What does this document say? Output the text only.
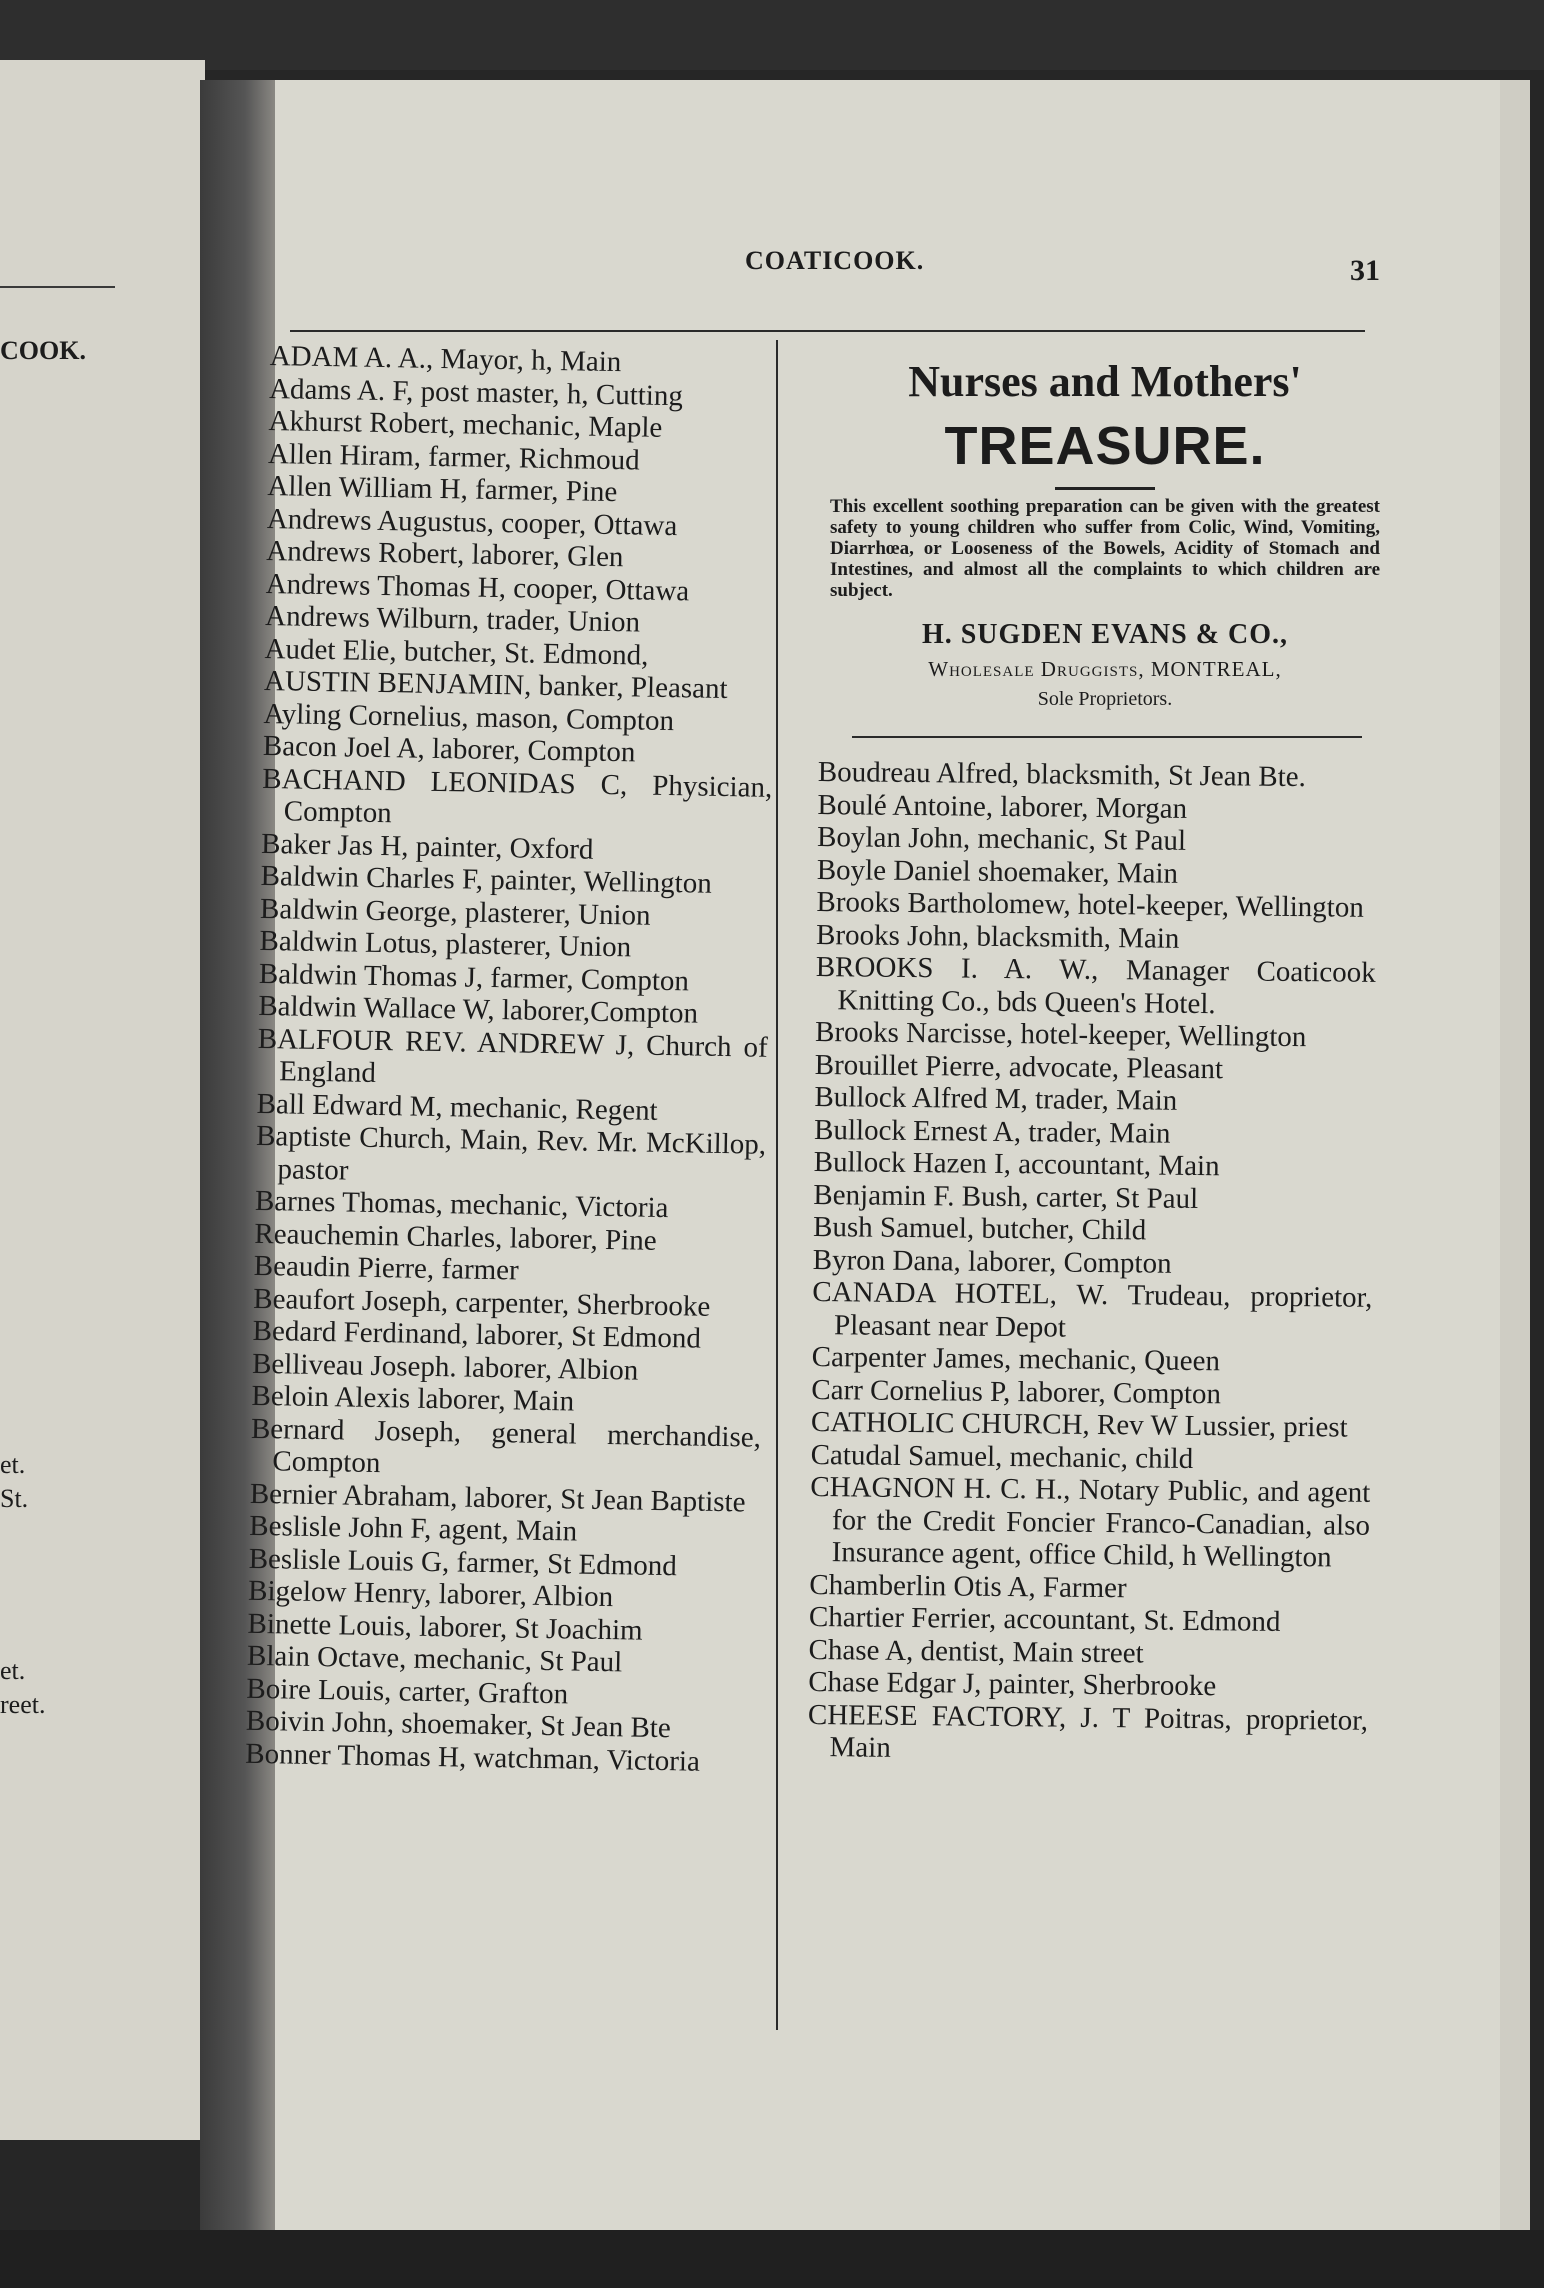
COOK.
et.
St.
et.
reet.
COATICOOK.	31
ADAM A. A., Mayor, h, Main
Adams A. F, post master, h, Cutting
Akhurst Robert, mechanic, Maple
Allen Hiram, farmer, Richmoud
Allen William H, farmer, Pine
Andrews Augustus, cooper, Ottawa
Andrews Robert, laborer, Glen
Andrews Thomas H, cooper, Ottawa
Andrews Wilburn, trader, Union
Audet Elie, butcher, St. Edmond,
AUSTIN BENJAMIN, banker, Pleasant
Ayling Cornelius, mason, Compton
Bacon Joel A, laborer, Compton
BACHAND LEONIDAS C, Physician, Compton
Baker Jas H, painter, Oxford
Baldwin Charles F, painter, Wellington
Baldwin George, plasterer, Union
Baldwin Lotus, plasterer, Union
Baldwin Thomas J, farmer, Compton
Baldwin Wallace W, laborer,Compton
BALFOUR REV. ANDREW J, Church of England
Ball Edward M, mechanic, Regent
Baptiste Church, Main, Rev. Mr. McKillop, pastor
Barnes Thomas, mechanic, Victoria
Reauchemin Charles, laborer, Pine
Beaudin Pierre, farmer
Beaufort Joseph, carpenter, Sherbrooke
Bedard Ferdinand, laborer, St Edmond
Belliveau Joseph. laborer, Albion
Beloin Alexis laborer, Main
Bernard Joseph, general merchandise, Compton
Bernier Abraham, laborer, St Jean Baptiste
Beslisle John F, agent, Main
Beslisle Louis G, farmer, St Edmond
Bigelow Henry, laborer, Albion
Binette Louis, laborer, St Joachim
Blain Octave, mechanic, St Paul
Boire Louis, carter, Grafton
Boivin John, shoemaker, St Jean Bte
Bonner Thomas H, watchman, Victoria
Nurses and Mothers'
TREASURE.
This excellent soothing preparation can be given with the greatest safety to young children who suffer from Colic, Wind, Vomiting, Diarrhœa, or Looseness of the Bowels, Acidity of Stomach and Intestines, and almost all the complaints to which children are subject.
H. SUGDEN EVANS & CO.,
Wholesale Druggists, MONTREAL,
Sole Proprietors.
Boudreau Alfred, blacksmith, St Jean Bte.
Boulé Antoine, laborer, Morgan
Boylan John, mechanic, St Paul
Boyle Daniel shoemaker, Main
Brooks Bartholomew, hotel-keeper, Wellington
Brooks John, blacksmith, Main
BROOKS I. A. W., Manager Coaticook Knitting Co., bds Queen's Hotel.
Brooks Narcisse, hotel-keeper, Wellington
Brouillet Pierre, advocate, Pleasant
Bullock Alfred M, trader, Main
Bullock Ernest A, trader, Main
Bullock Hazen I, accountant, Main
Benjamin F. Bush, carter, St Paul
Bush Samuel, butcher, Child
Byron Dana, laborer, Compton
CANADA HOTEL, W. Trudeau, proprietor, Pleasant near Depot
Carpenter James, mechanic, Queen
Carr Cornelius P, laborer, Compton
CATHOLIC CHURCH, Rev W Lussier, priest
Catudal Samuel, mechanic, child
CHAGNON H. C. H., Notary Public, and agent for the Credit Foncier Franco-Canadian, also Insurance agent, office Child, h Wellington
Chamberlin Otis A, Farmer
Chartier Ferrier, accountant, St. Edmond
Chase A, dentist, Main street
Chase Edgar J, painter, Sherbrooke
CHEESE FACTORY, J. T Poitras, proprietor, Main
